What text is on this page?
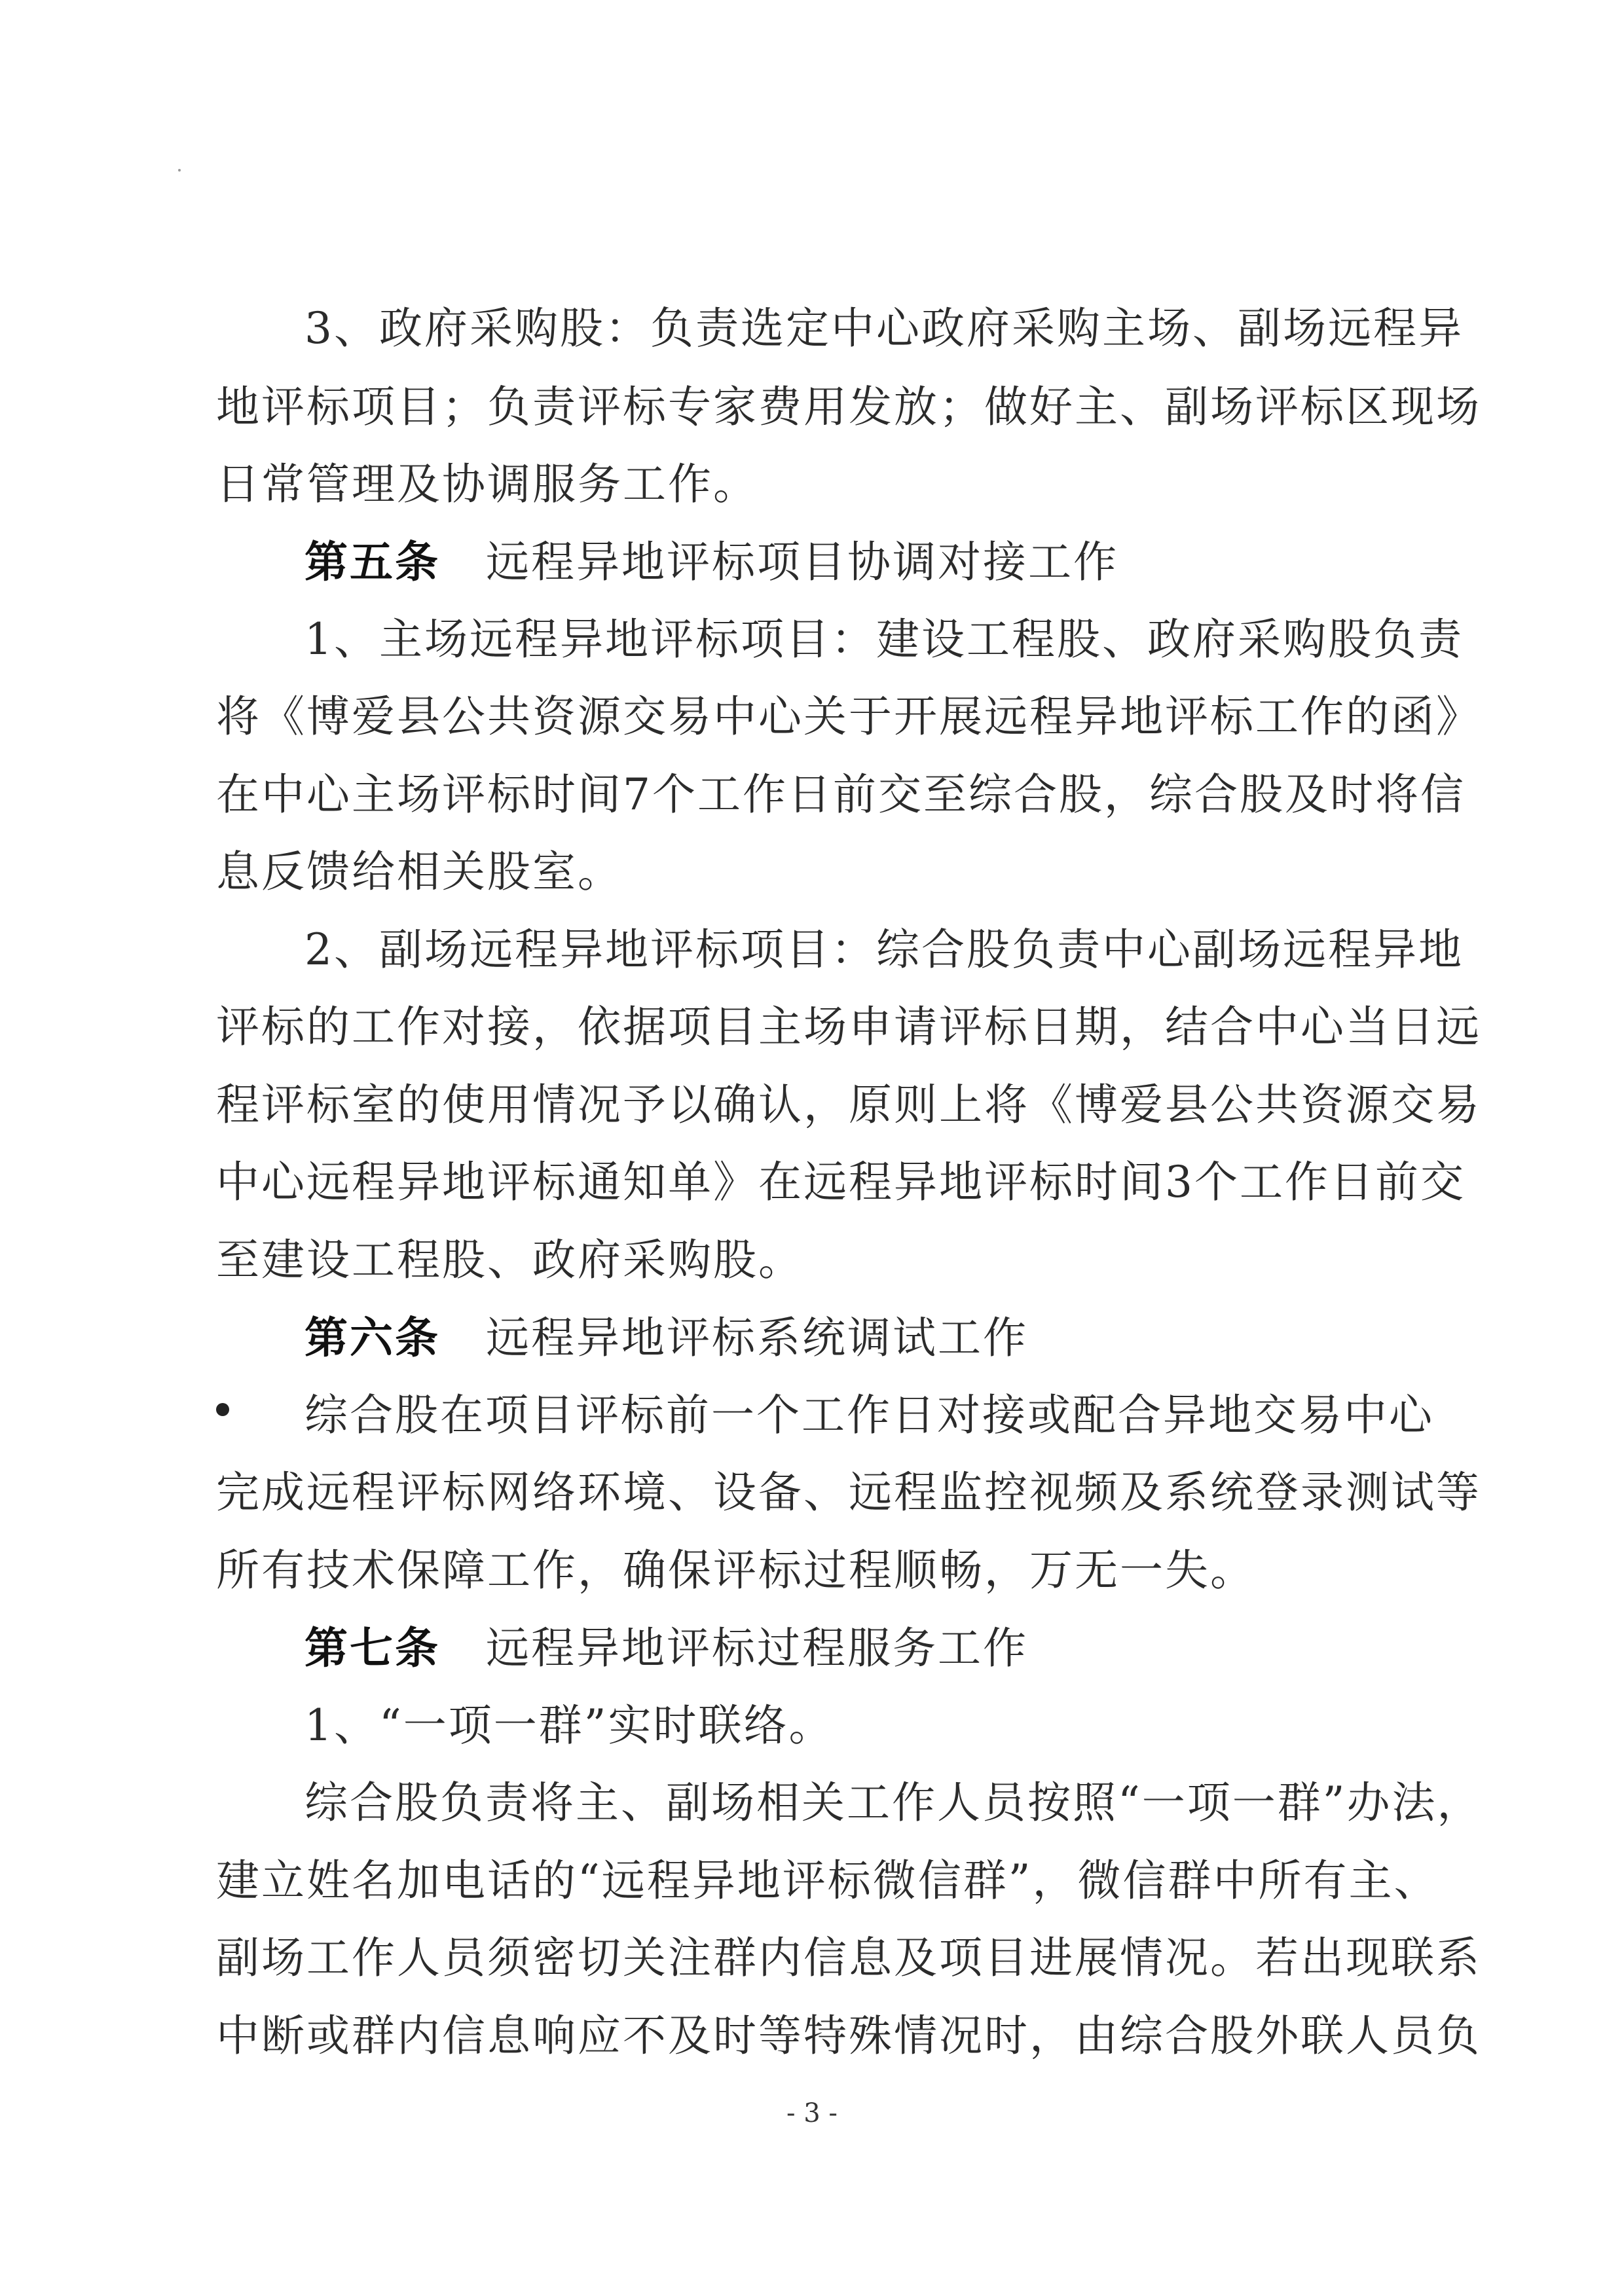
3、政府采购股：负责选定中心政府采购主场、副场远程异
地评标项目；负责评标专家费用发放；做好主、副场评标区现场
日常管理及协调服务工作。
第五条 远程异地评标项目协调对接工作
1、主场远程异地评标项目：建设工程股、政府采购股负责
将《博爱县公共资源交易中心关于开展远程异地评标工作的函》
在中心主场评标时间7个工作日前交至综合股，综合股及时将信
息反馈给相关股室。
2、副场远程异地评标项目：综合股负责中心副场远程异地
评标的工作对接，依据项目主场申请评标日期，结合中心当日远
程评标室的使用情况予以确认，原则上将《博爱县公共资源交易
中心远程异地评标通知单》在远程异地评标时间3个工作日前交
至建设工程股、政府采购股。
第六条 远程异地评标系统调试工作
综合股在项目评标前一个工作日对接或配合异地交易中心
完成远程评标网络环境、设备、远程监控视频及系统登录测试等
所有技术保障工作，确保评标过程顺畅，万无一失。
第七条 远程异地评标过程服务工作
1、“一项一群”实时联络。
综合股负责将主、副场相关工作人员按照“一项一群”办法，
建立姓名加电话的“远程异地评标微信群”，微信群中所有主、
副场工作人员须密切关注群内信息及项目进展情况。若出现联系
中断或群内信息响应不及时等特殊情况时，由综合股外联人员负
- 3 -
